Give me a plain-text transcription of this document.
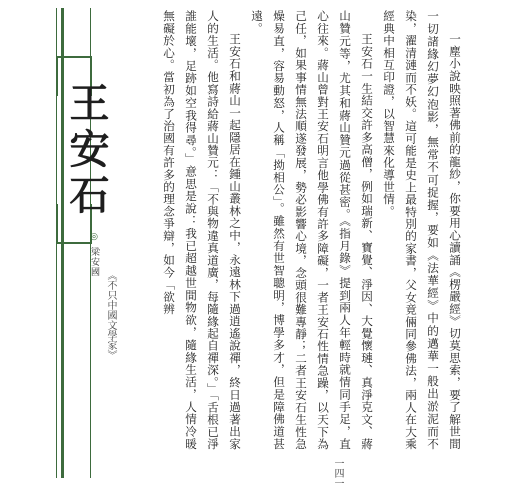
王安石
◎ 梁安國
《不只中國文學家》	一塵小說映照著佛前的龍紗，你要用心讀誦《楞嚴經》切莫思索，要了解世間一切諸緣幻夢幻泡影，無常不可捉握，要如《法華經》中的邁華一般出淤泥而不染，濯清漣而不妖。這可能是史上最特別的家書，父女竟倆同參佛法，兩人在大乘經典中相互印證，以智慧來化導世情。

王安石一生結交許多高僧，例如瑞新、寶覺、淨因、大覺懷璉、真淨克文、蔣山贊元等，尤其和蔣山贊元過從甚密。《指月錄》提到兩人年輕時就情同手足，直心往來。蔣山曾對王安石明言他學佛有許多障礙，一者王安石性情急躁，以天下為己任，如果事情無法順遂發展，勢必影響心境，念頭很難專靜；二者王安石生性急燥易直，容易動怒，人稱「拗相公」。雖然有世智聰明，博學多才，但是障佛道甚遠。

王安石和蔣山一起隱居在鍾山叢林之中，永遠林下過逍遙說禪，終日過著出家人的生活。他寫詩給蔣山贊元：「不與物違真道廣，每隨緣起自禪深。」「舌根已淨誰能壞，足跡如空我得尋。」意思是說：我已超越世間物欲，隨緣生活，人情冷暖無礙於心。當初為了治國有許多的理念爭辯，如今「欲辨

一四一
